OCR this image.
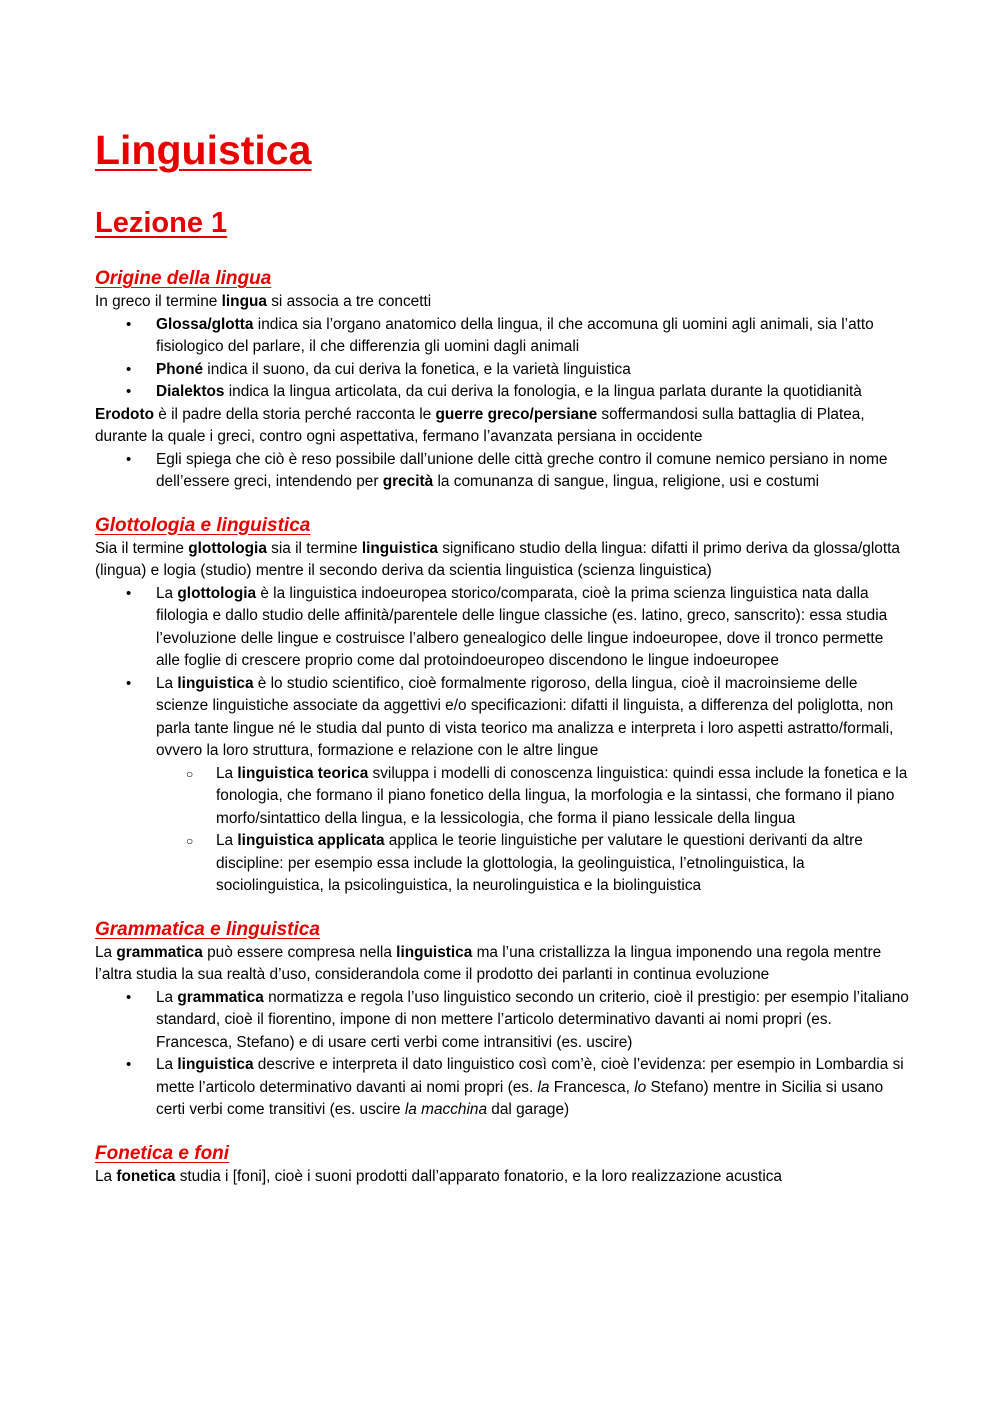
Linguistica
Lezione 1
Origine della lingua

In greco il termine lingua si associa a tre concetti

• Glossa/glotta indica sia l’organo anatomico della lingua, il che accomuna gli uomini agli animali, sia l’atto fisiologico del parlare, il che differenzia gli uomini dagli animali
• Phoné indica il suono, da cui deriva la fonetica, e la varietà linguistica
• Dialektos indica la lingua articolata, da cui deriva la fonologia, e la lingua parlata durante la quotidianità

Erodoto è il padre della storia perché racconta le guerre greco/persiane soffermandosi sulla battaglia di Platea, durante la quale i greci, contro ogni aspettativa, fermano l’avanzata persiana in occidente

• Egli spiega che ciò è reso possibile dall’unione delle città greche contro il comune nemico persiano in nome dell’essere greci, intendendo per grecità la comunanza di sangue, lingua, religione, usi e costumi
Glottologia e linguistica

Sia il termine glottologia sia il termine linguistica significano studio della lingua: difatti il primo deriva da glossa/glotta (lingua) e logia (studio) mentre il secondo deriva da scientia linguistica (scienza linguistica)

• La glottologia è la linguistica indoeuropea storico/comparata, cioè la prima scienza linguistica nata dalla filologia e dallo studio delle affinità/parentele delle lingue classiche (es. latino, greco, sanscrito): essa studia l’evoluzione delle lingue e costruisce l’albero genealogico delle lingue indoeuropee, dove il tronco permette alle foglie di crescere proprio come dal protoindoeuropeo discendono le lingue indoeuropee
• La linguistica è lo studio scientifico, cioè formalmente rigoroso, della lingua, cioè il macroinsieme delle scienze linguistiche associate da aggettivi e/o specificazioni: difatti il linguista, a differenza del poliglotta, non parla tante lingue né le studia dal punto di vista teorico ma analizza e interpreta i loro aspetti astratto/formali, ovvero la loro struttura, formazione e relazione con le altre lingue
○ La linguistica teorica sviluppa i modelli di conoscenza linguistica: quindi essa include la fonetica e la fonologia, che formano il piano fonetico della lingua, la morfologia e la sintassi, che formano il piano morfo/sintattico della lingua, e la lessicologia, che forma il piano lessicale della lingua
○ La linguistica applicata applica le teorie linguistiche per valutare le questioni derivanti da altre discipline: per esempio essa include la glottologia, la geolinguistica, l’etnolinguistica, la sociolinguistica, la psicolinguistica, la neurolinguistica e la biolinguistica
Grammatica e linguistica

La grammatica può essere compresa nella linguistica ma l’una cristallizza la lingua imponendo una regola mentre l’altra studia la sua realtà d’uso, considerandola come il prodotto dei parlanti in continua evoluzione

• La grammatica normatizza e regola l’uso linguistico secondo un criterio, cioè il prestigio: per esempio l’italiano standard, cioè il fiorentino, impone di non mettere l’articolo determinativo davanti ai nomi propri (es. Francesca, Stefano) e di usare certi verbi come intransitivi (es. uscire)
• La linguistica descrive e interpreta il dato linguistico così com’è, cioè l’evidenza: per esempio in Lombardia si mette l’articolo determinativo davanti ai nomi propri (es. la Francesca, lo Stefano) mentre in Sicilia si usano certi verbi come transitivi (es. uscire la macchina dal garage)
Fonetica e foni

La fonetica studia i [foni], cioè i suoni prodotti dall’apparato fonatorio, e la loro realizzazione acustica
